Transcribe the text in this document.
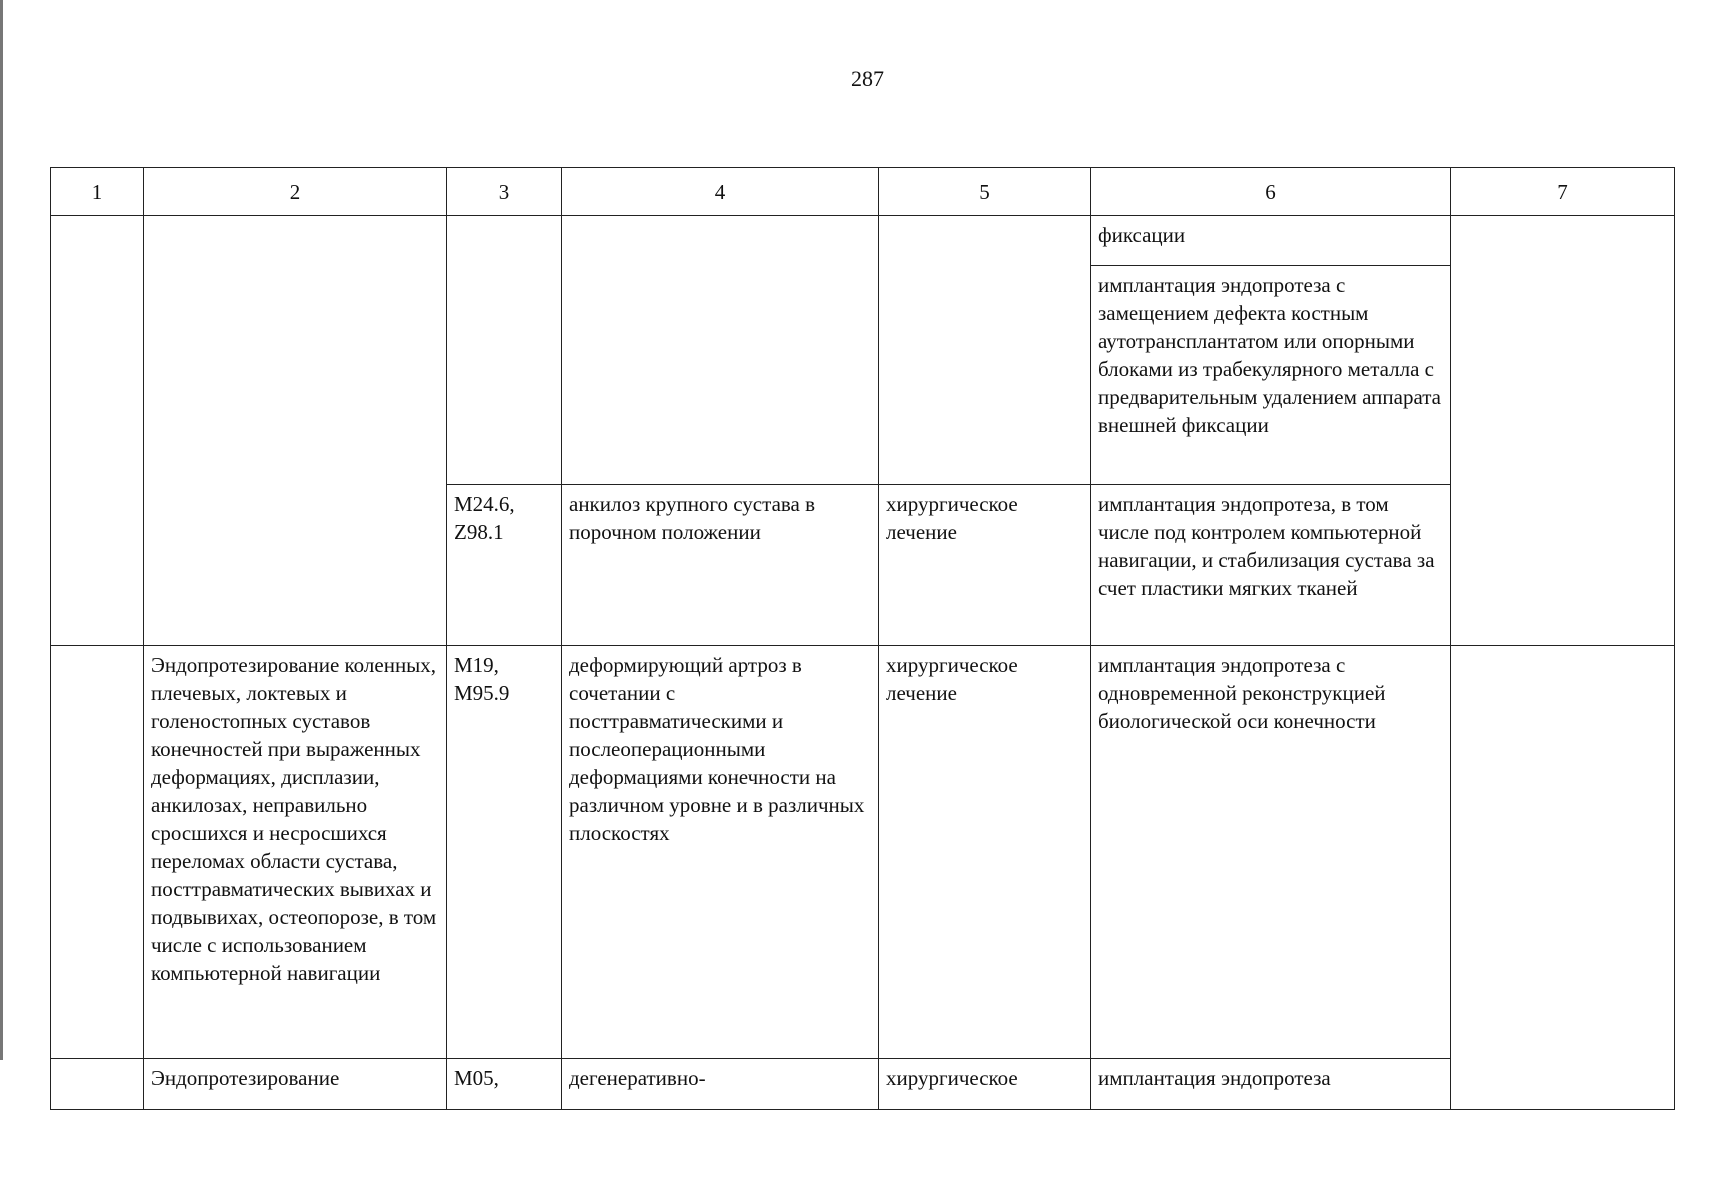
287
1	2	3	4	5	6	7
					фиксации	
					имплантация эндопротеза с замещением дефекта костным аутотрансплантатом или опорными блоками из трабекулярного металла с предварительным удалением аппарата внешней фиксации	
		M24.6, Z98.1	анкилоз крупного сустава в порочном положении	хирургическое лечение	имплантация эндопротеза, в том числе под контролем компьютерной навигации, и стабилизация сустава за счет пластики мягких тканей	
	Эндопротезирование коленных, плечевых, локтевых и голеностопных суставов конечностей при выраженных деформациях, дисплазии, анкилозах, неправильно сросшихся и несросшихся переломах области сустава, посттравматических вывихах и подвывихах, остеопорозе, в том числе с использованием компьютерной навигации	M19, M95.9	деформирующий артроз в сочетании с посттравматическими и послеоперационными деформациями конечности на различном уровне и в различных плоскостях	хирургическое лечение	имплантация эндопротеза с одновременной реконструкцией биологической оси конечности	
	Эндопротезирование	M05,	дегенеративно-	хирургическое	имплантация эндопротеза	
